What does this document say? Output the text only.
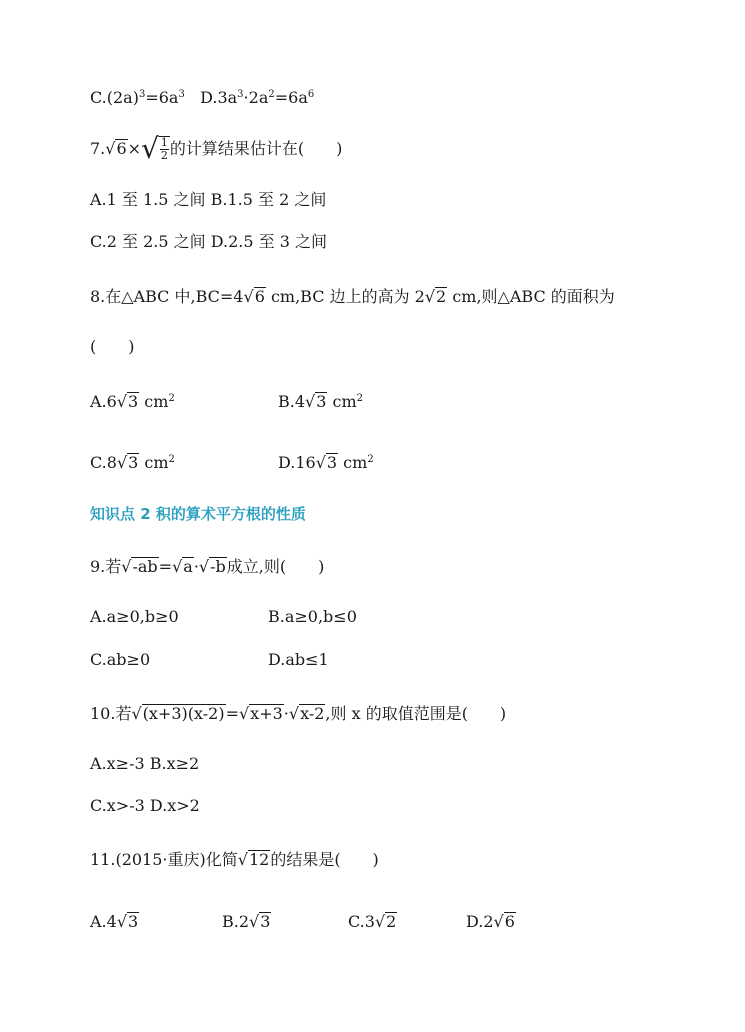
$C.(2a)^3=6a^3$ $D.3a^3\cdot 2a^2=6a^6$
$7.√6\times√ \frac{1}{2}$ 的计算结果估计在(　　)
A.1 至 1.5 之间 B.1.5 至 2 之间
C.2 至 2.5 之间 D.2.5 至 3 之间
8.在△ABC 中,BC=4√6 cm,BC 边上的高为 2√2 cm,则△ABC 的面积为
(　　)
A.6√3 $cm^2$	B.4√3 $cm^2$
C.8√3 $cm^2$	D.16√3 $cm^2$
知识点 2 积的算术平方根的性质
9.若√-ab=√a·√-b成立,则(　　)
A.a≥0,b≥0	B.a≥0,b≤0
C.ab≥0	D.ab≤1
10.若√(x+3)(x-2)=√x+3·√x-2,则 x 的取值范围是(　　)
A.x≥-3 B.x≥2
C.x>-3 D.x>2
11.(2015·重庆)化简√12的结果是(　　)
A.4√3	B.2√3	C.3√2	D.2√6
